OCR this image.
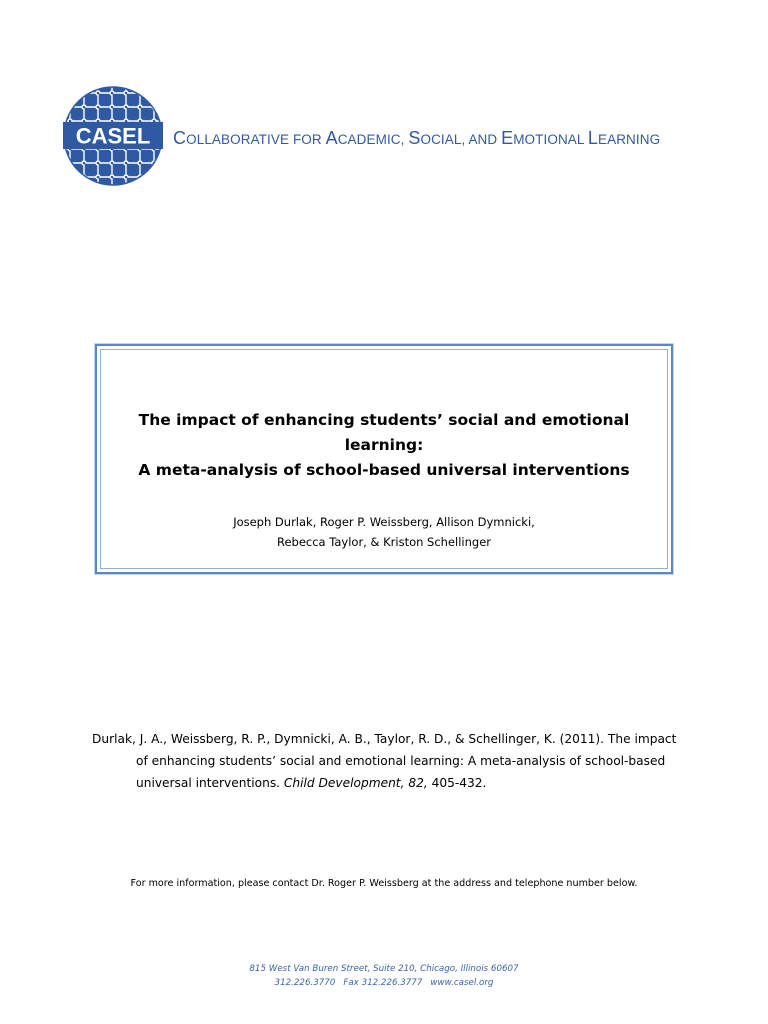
CASEL COLLABORATIVE FOR ACADEMIC, SOCIAL, AND EMOTIONAL LEARNING
The impact of enhancing students’ social and emotional learning:
A meta-analysis of school-based universal interventions
Joseph Durlak, Roger P. Weissberg, Allison Dymnicki,
Rebecca Taylor, & Kriston Schellinger
Durlak, J. A., Weissberg, R. P., Dymnicki, A. B., Taylor, R. D., & Schellinger, K. (2011). The impact
of enhancing students’ social and emotional learning: A meta-analysis of school-based
universal interventions. Child Development, 82, 405-432.
For more information, please contact Dr. Roger P. Weissberg at the address and telephone number below.
815 West Van Buren Street, Suite 210, Chicago, Illinois 60607
312.226.3770 Fax 312.226.3777 www.casel.org
